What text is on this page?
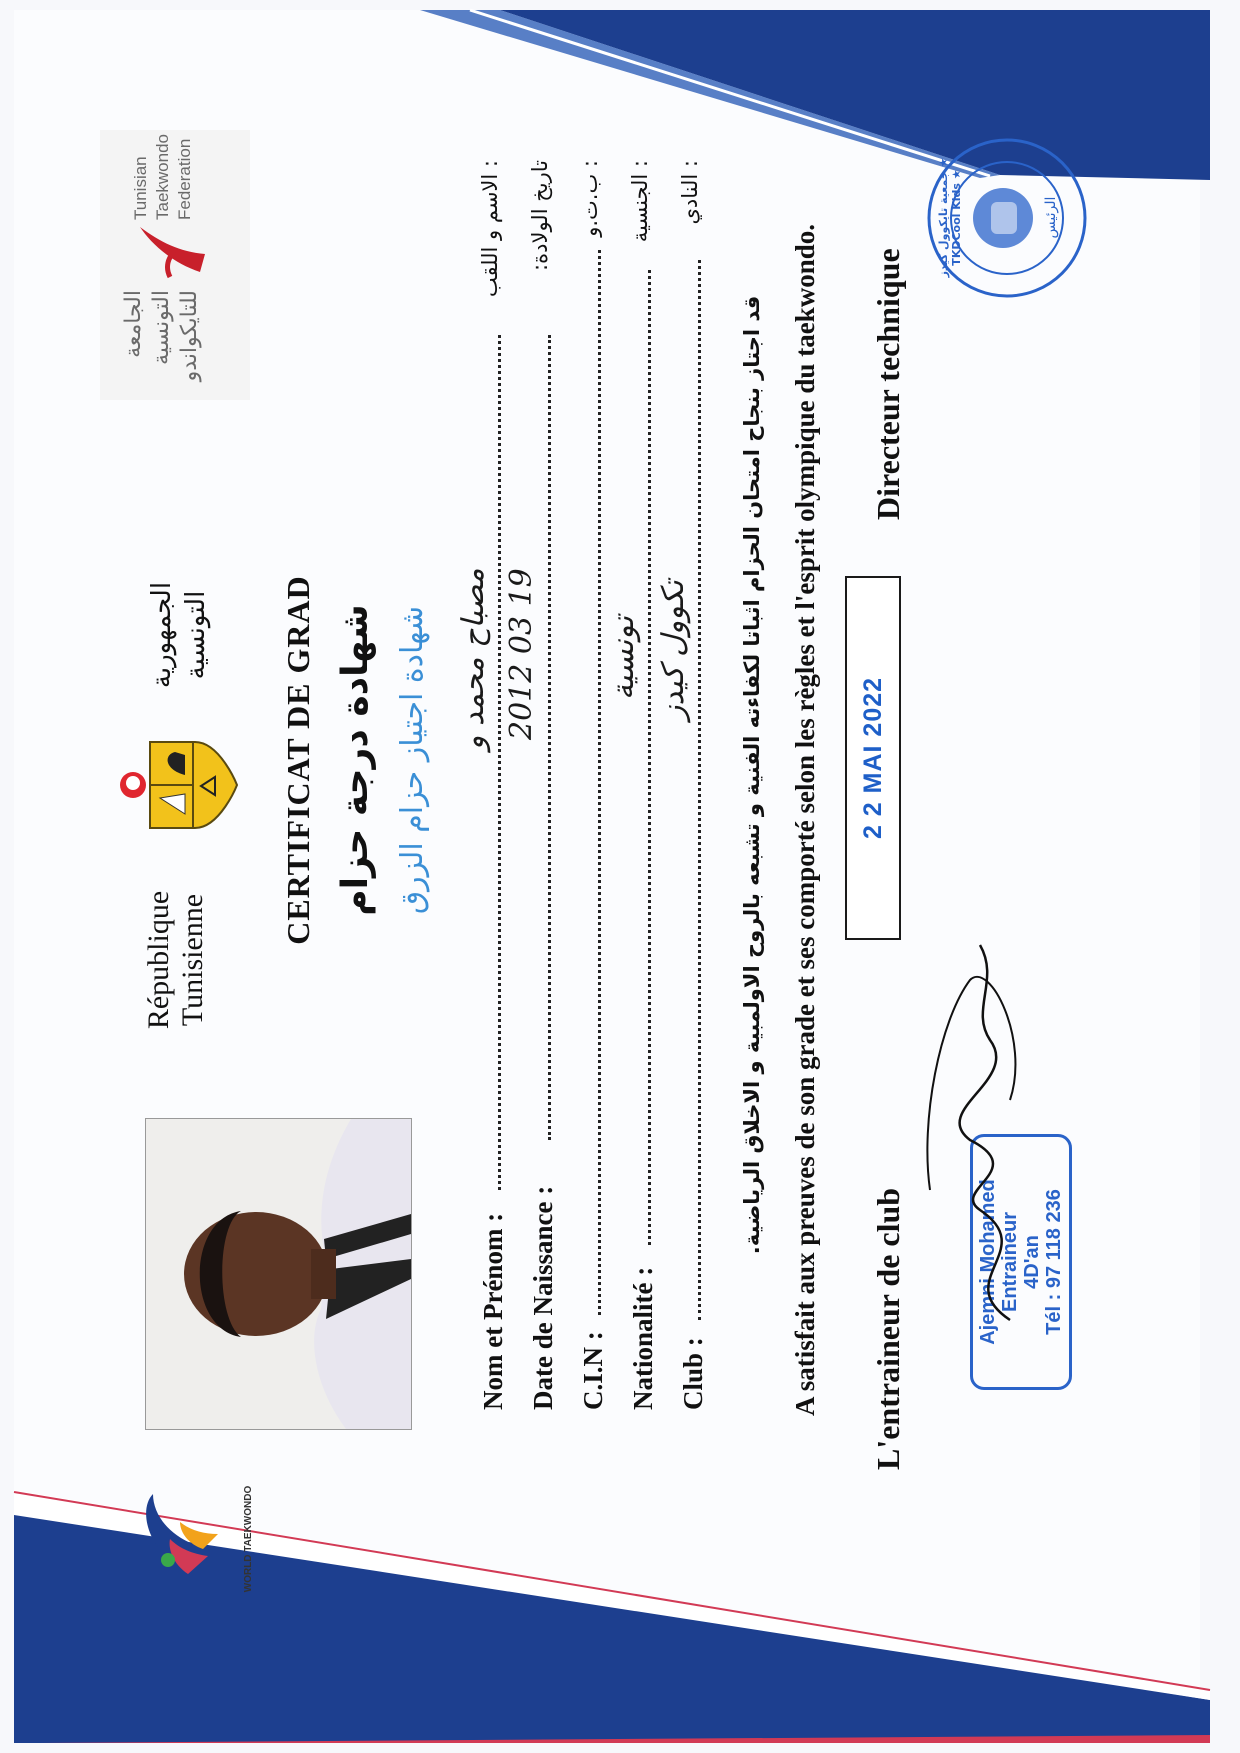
WORLD TAEKWONDO
République Tunisienne
الجمهورية التونسية
الجامعة التونسية للتايكواندو
Tunisian Taekwondo Federation
CERTIFICAT DE GRAD شهادة درجة حزام شهادة اجتياز حزام الزرق
Nom et Prénom :
: الاسم و اللقب
مصباح محمد و
Date de Naissance :
تاريخ الولادة:
2012 03 19
C.I.N :
: ب.ت.و
Nationalité :
: الجنسية
تونسية
Club :
: النادي
تكوول كيدز قد اجتاز بنجاح امتحان الحزام اثباتا لكفاءته الفنية و تشبعه بالروح الاولمبية و الاخلاق الرياضية. A satisfait aux preuves de son grade et ses comporté selon les règles et l'esprit olympique du taekwondo.	2 2 MAI 2022
L'entraineur de club
Directeur technique
Ajemni Mohamed Entraineur 4D'an Tél : 97 118 236
جمعية تايكوول كيدز ★ TKDCool Kids ★	الرئيس
